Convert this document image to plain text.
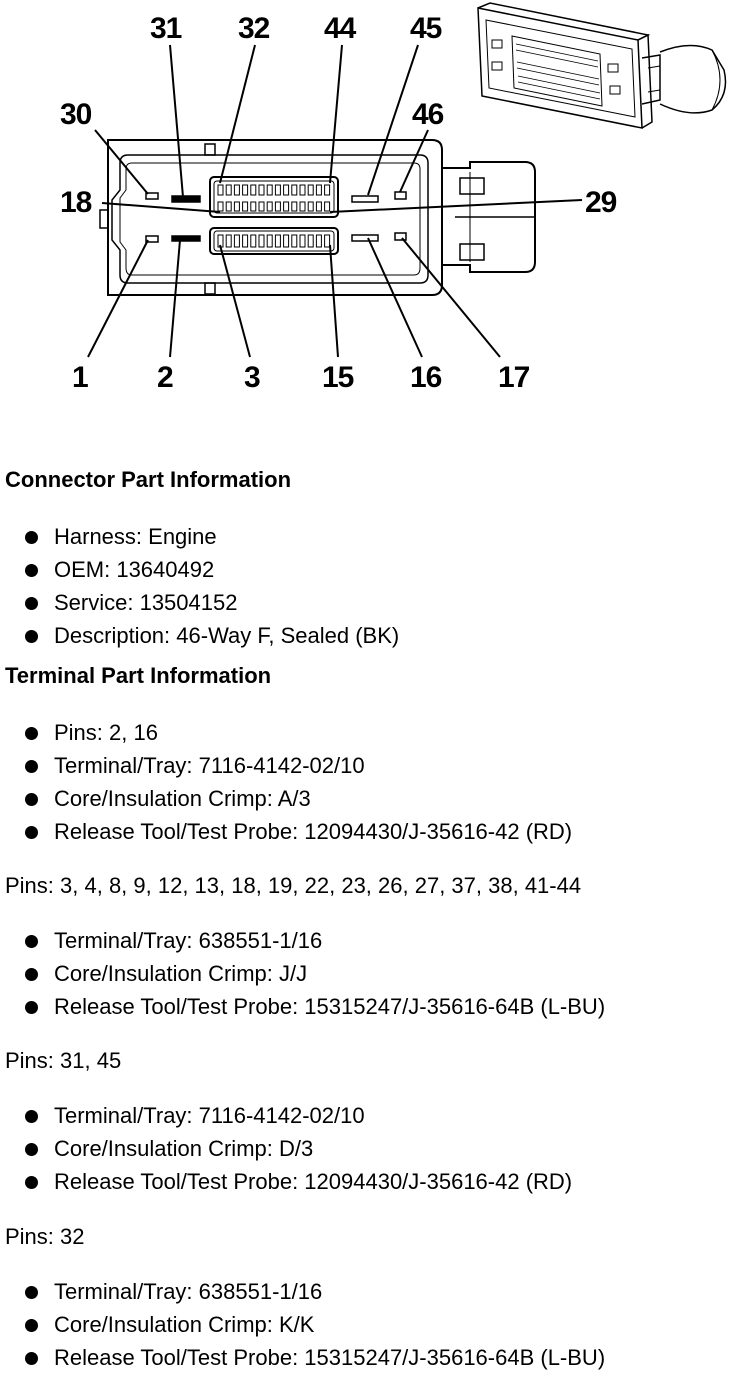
31 32 44 45
30	46
18	29
1 2 3 15 16 17
Connector Part Information
Harness: Engine
OEM: 13640492
Service: 13504152
Description: 46-Way F, Sealed (BK)
Terminal Part Information
Pins: 2, 16
Terminal/Tray: 7116-4142-02/10
Core/Insulation Crimp: A/3
Release Tool/Test Probe: 12094430/J-35616-42 (RD)
Pins: 3, 4, 8, 9, 12, 13, 18, 19, 22, 23, 26, 27, 37, 38, 41-44
Terminal/Tray: 638551-1/16
Core/Insulation Crimp: J/J
Release Tool/Test Probe: 15315247/J-35616-64B (L-BU)
Pins: 31, 45
Terminal/Tray: 7116-4142-02/10
Core/Insulation Crimp: D/3
Release Tool/Test Probe: 12094430/J-35616-42 (RD)
Pins: 32
Terminal/Tray: 638551-1/16
Core/Insulation Crimp: K/K
Release Tool/Test Probe: 15315247/J-35616-64B (L-BU)
